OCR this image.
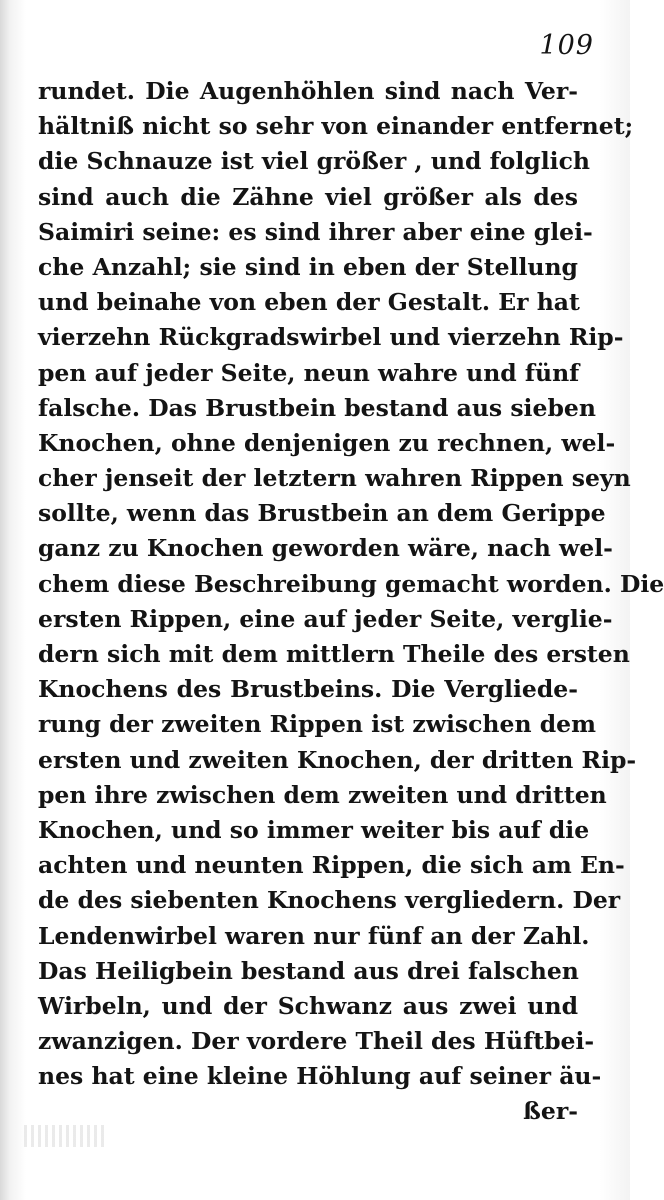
109
rundet. Die Augenhöhlen sind nach Ver-
hältniß nicht so sehr von einander entfernet;
die Schnauze ist viel größer , und folglich
sind auch die Zähne viel größer als des
Saimiri seine: es sind ihrer aber eine glei-
che Anzahl; sie sind in eben der Stellung
und beinahe von eben der Gestalt. Er hat
vierzehn Rückgradswirbel und vierzehn Rip-
pen auf jeder Seite, neun wahre und fünf
falsche. Das Brustbein bestand aus sieben
Knochen, ohne denjenigen zu rechnen, wel-
cher jenseit der letztern wahren Rippen seyn
sollte, wenn das Brustbein an dem Gerippe
ganz zu Knochen geworden wäre, nach wel-
chem diese Beschreibung gemacht worden. Die
ersten Rippen, eine auf jeder Seite, verglie-
dern sich mit dem mittlern Theile des ersten
Knochens des Brustbeins. Die Vergliede-
rung der zweiten Rippen ist zwischen dem
ersten und zweiten Knochen, der dritten Rip-
pen ihre zwischen dem zweiten und dritten
Knochen, und so immer weiter bis auf die
achten und neunten Rippen, die sich am En-
de des siebenten Knochens vergliedern. Der
Lendenwirbel waren nur fünf an der Zahl.
Das Heiligbein bestand aus drei falschen
Wirbeln, und der Schwanz aus zwei und
zwanzigen. Der vordere Theil des Hüftbei-
nes hat eine kleine Höhlung auf seiner äu-
ßer-
